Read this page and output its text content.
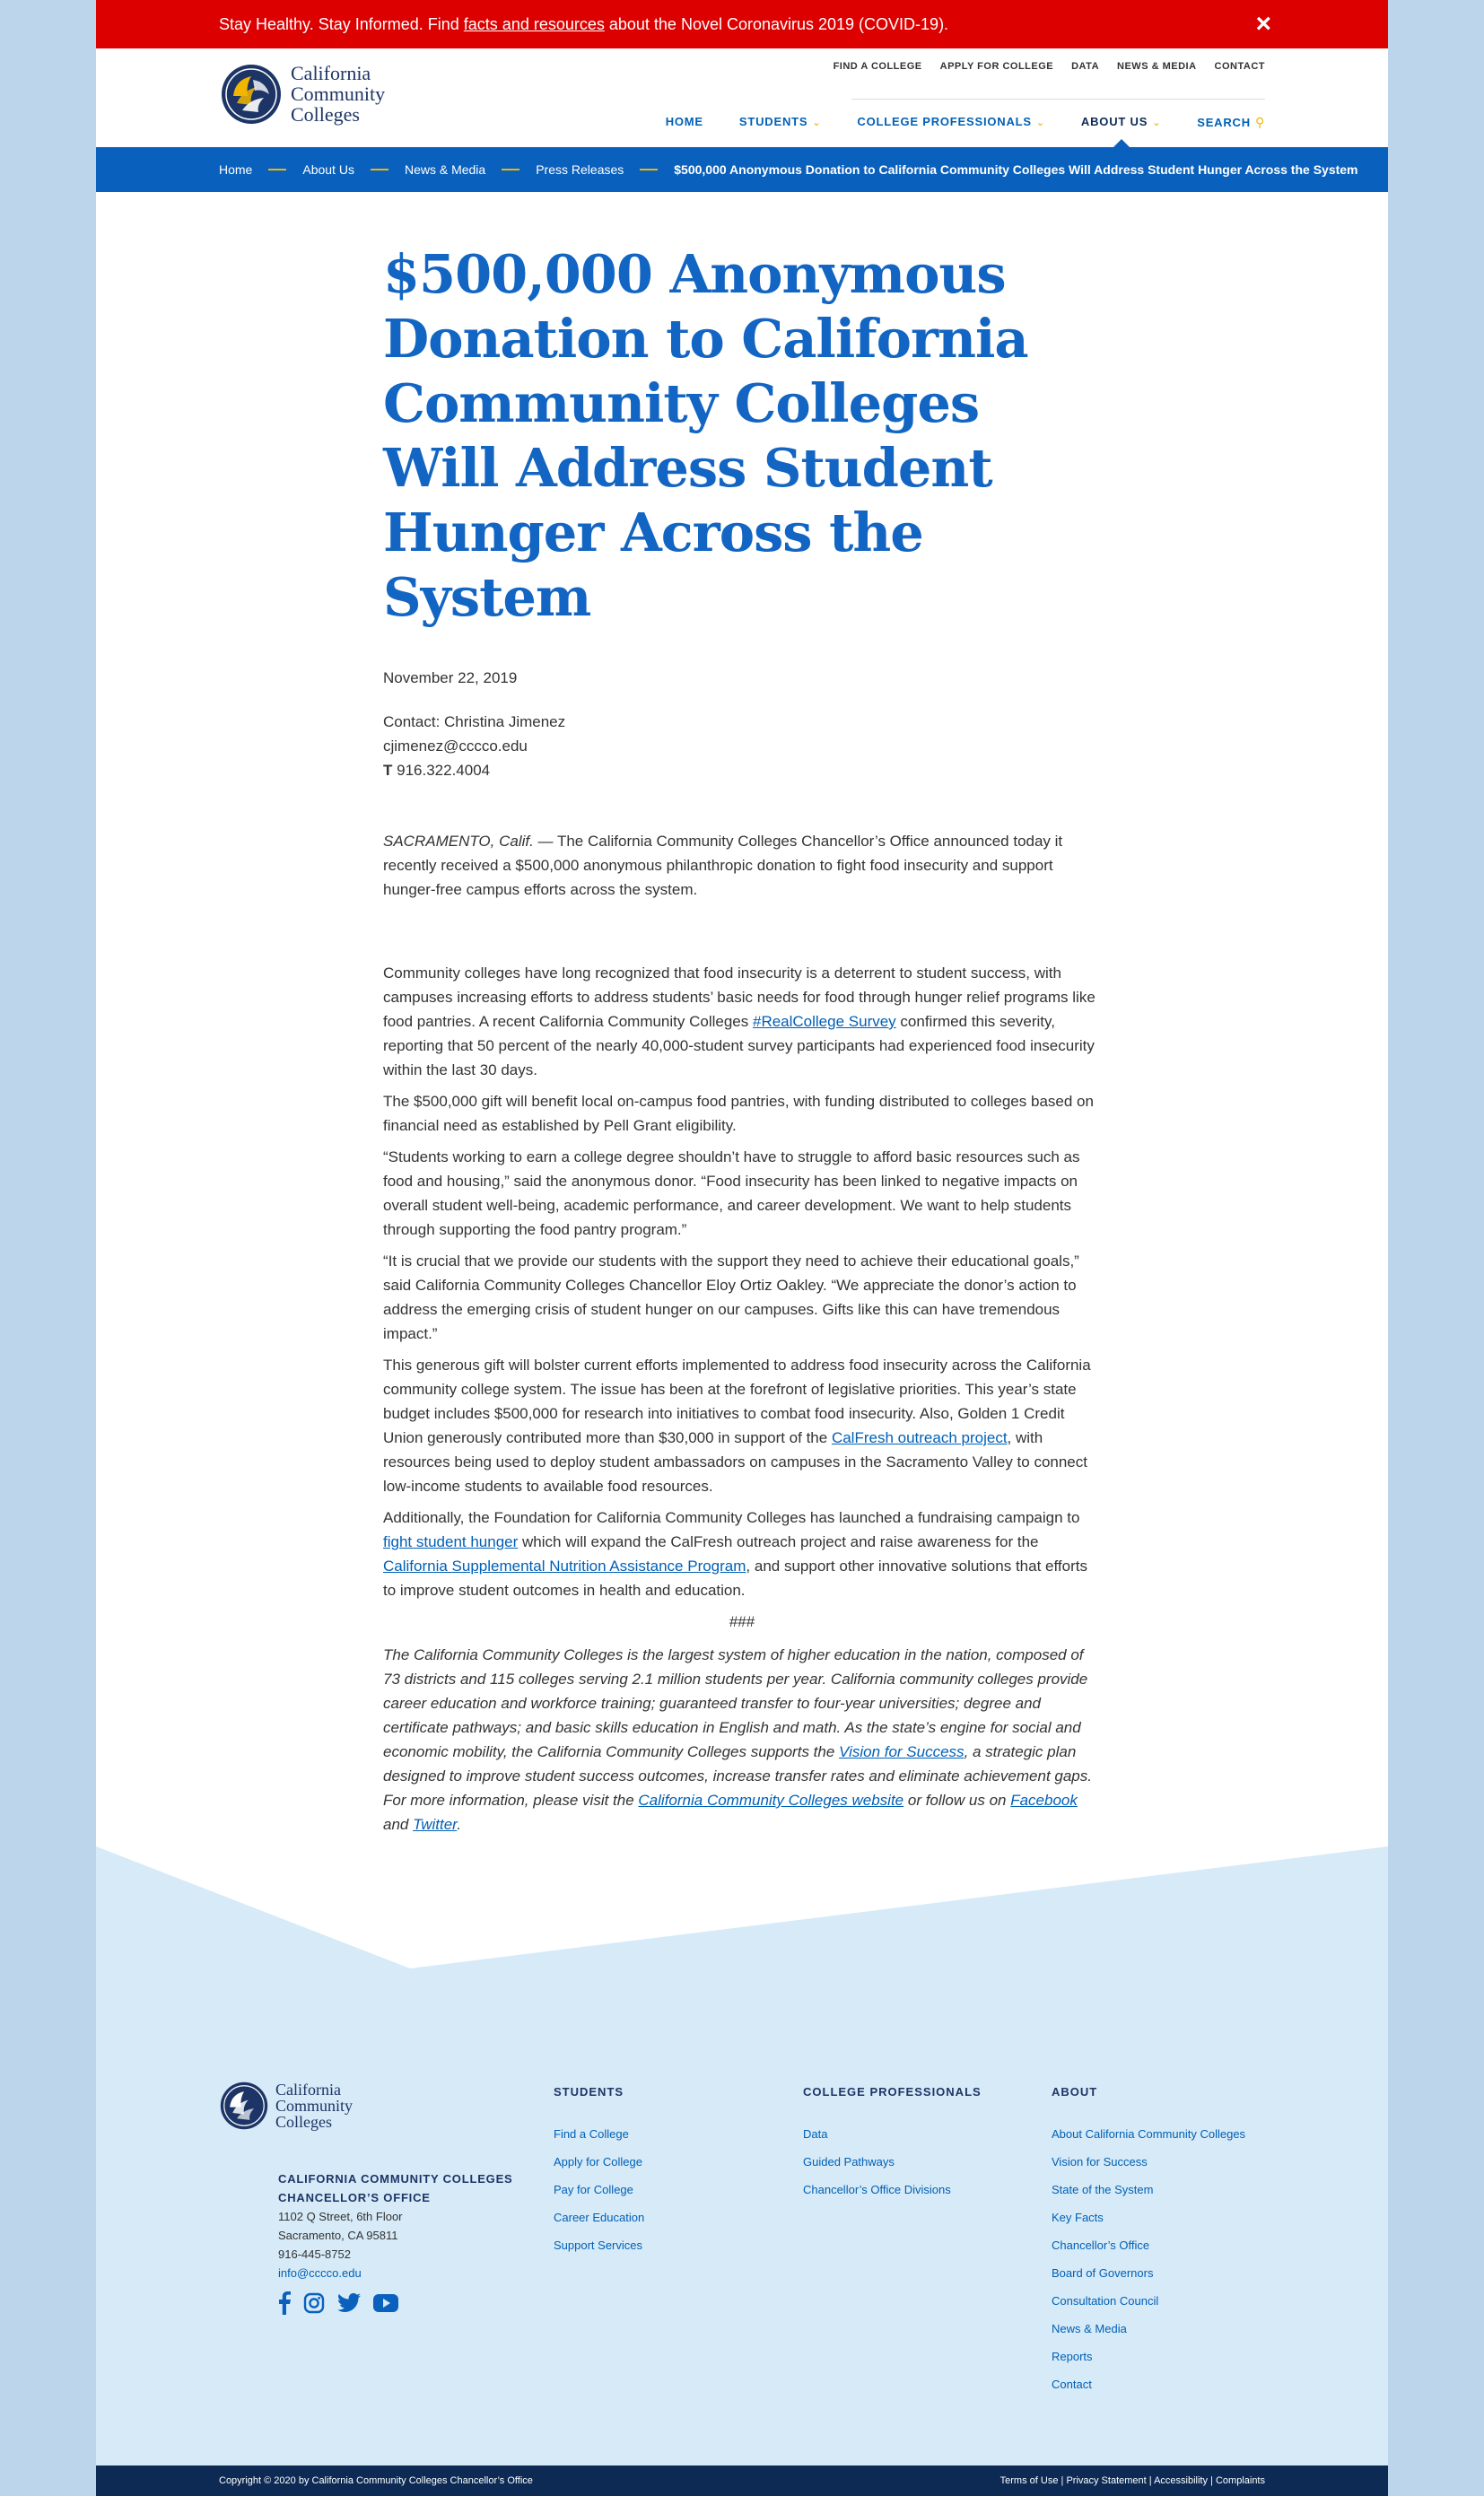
Stay Healthy. Stay Informed. Find facts and resources about the Novel Coronavirus 2019 (COVID-19).	×
California
Community
Colleges
FIND A COLLEGE APPLY FOR COLLEGE DATA NEWS & MEDIA CONTACT
HOME	STUDENTS ⌄	COLLEGE PROFESSIONALS ⌄	ABOUT US ⌄	SEARCH ⚲
Home	About Us	News & Media	Press Releases	$500,000 Anonymous Donation to California Community Colleges Will Address Student Hunger Across the System
$500,000 Anonymous Donation to California Community Colleges Will Address Student Hunger Across the System
November 22, 2019
Contact: Christina Jimenez
cjimenez@cccco.edu
T 916.322.4004

SACRAMENTO, Calif. — The California Community Colleges Chancellor’s Office announced today it recently received a $500,000 anonymous philanthropic donation to fight food insecurity and support hunger-free campus efforts across the system.

Community colleges have long recognized that food insecurity is a deterrent to student success, with campuses increasing efforts to address students’ basic needs for food through hunger relief programs like food pantries. A recent California Community Colleges #RealCollege Survey confirmed this severity, reporting that 50 percent of the nearly 40,000-student survey participants had experienced food insecurity within the last 30 days.

The $500,000 gift will benefit local on-campus food pantries, with funding distributed to colleges based on financial need as established by Pell Grant eligibility.

“Students working to earn a college degree shouldn’t have to struggle to afford basic resources such as food and housing,” said the anonymous donor. “Food insecurity has been linked to negative impacts on overall student well-being, academic performance, and career development. We want to help students through supporting the food pantry program.”

“It is crucial that we provide our students with the support they need to achieve their educational goals,” said California Community Colleges Chancellor Eloy Ortiz Oakley. “We appreciate the donor’s action to address the emerging crisis of student hunger on our campuses. Gifts like this can have tremendous impact.”

This generous gift will bolster current efforts implemented to address food insecurity across the California community college system. The issue has been at the forefront of legislative priorities. This year’s state budget includes $500,000 for research into initiatives to combat food insecurity. Also, Golden 1 Credit Union generously contributed more than $30,000 in support of the CalFresh outreach project, with resources being used to deploy student ambassadors on campuses in the Sacramento Valley to connect low-income students to available food resources.

Additionally, the Foundation for California Community Colleges has launched a fundraising campaign to fight student hunger which will expand the CalFresh outreach project and raise awareness for the California Supplemental Nutrition Assistance Program, and support other innovative solutions that efforts to improve student outcomes in health and education.

###

The California Community Colleges is the largest system of higher education in the nation, composed of 73 districts and 115 colleges serving 2.1 million students per year. California community colleges provide career education and workforce training; guaranteed transfer to four-year universities; degree and certificate pathways; and basic skills education in English and math. As the state’s engine for social and economic mobility, the California Community Colleges supports the Vision for Success, a strategic plan designed to improve student success outcomes, increase transfer rates and eliminate achievement gaps. For more information, please visit the California Community Colleges website or follow us on Facebook and Twitter.

California
Community
Colleges
CALIFORNIA COMMUNITY COLLEGES
CHANCELLOR’S OFFICE
1102 Q Street, 6th Floor
Sacramento, CA 95811
916-445-8752
info@cccco.edu
STUDENTS
Find a College
Apply for College
Pay for College
Career Education
Support Services
COLLEGE PROFESSIONALS
Data
Guided Pathways
Chancellor’s Office Divisions
ABOUT
About California Community Colleges
Vision for Success
State of the System
Key Facts
Chancellor’s Office
Board of Governors
Consultation Council
News & Media
Reports
Contact
Copyright © 2020 by California Community Colleges Chancellor’s Office	Terms of Use | Privacy Statement | Accessibility | Complaints
